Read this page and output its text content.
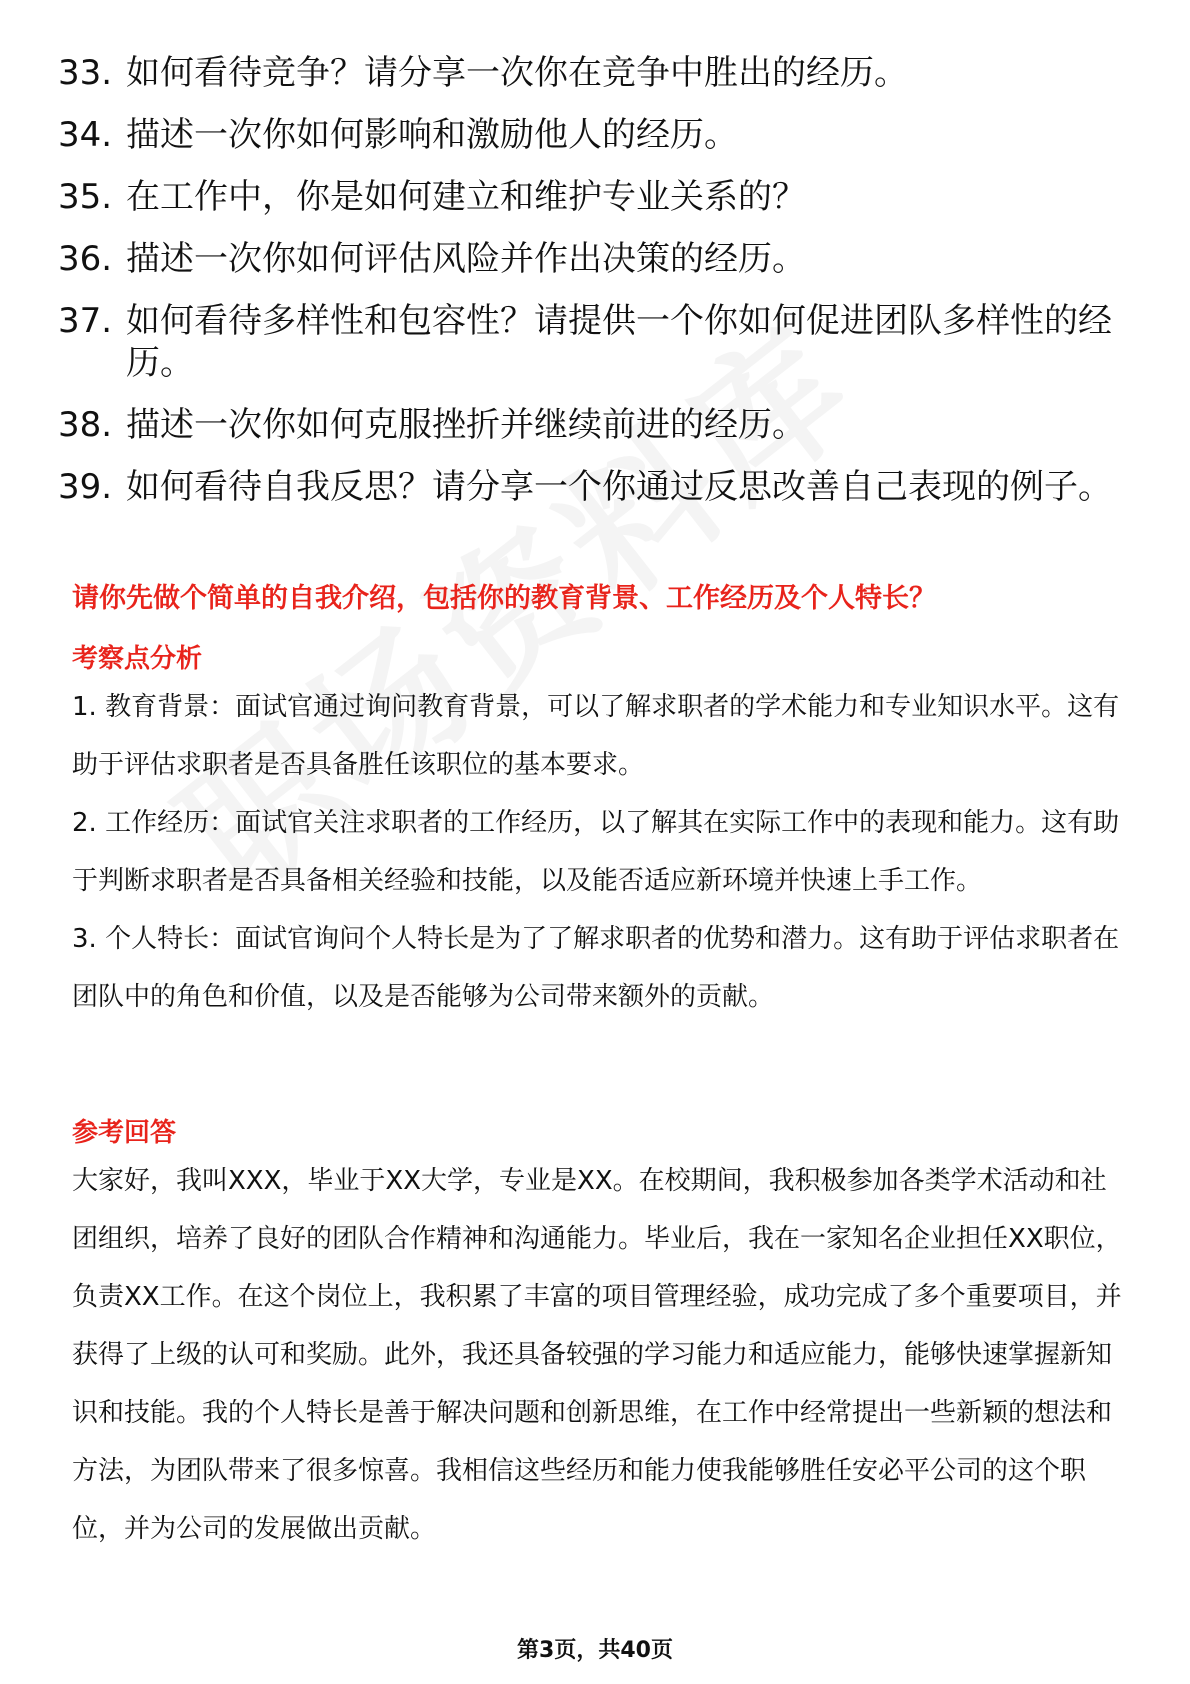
33. 如何看待竞争？请分享一次你在竞争中胜出的经历。
34. 描述一次你如何影响和激励他人的经历。
35. 在工作中，你是如何建立和维护专业关系的？
36. 描述一次你如何评估风险并作出决策的经历。
37. 如何看待多样性和包容性？请提供一个你如何促进团队多样性的经历。
38. 描述一次你如何克服挫折并继续前进的经历。
39. 如何看待自我反思？请分享一个你通过反思改善自己表现的例子。
请你先做个简单的自我介绍，包括你的教育背景、工作经历及个人特长？
考察点分析
1. 教育背景：面试官通过询问教育背景，可以了解求职者的学术能力和专业知识水平。这有助于评估求职者是否具备胜任该职位的基本要求。
2. 工作经历：面试官关注求职者的工作经历，以了解其在实际工作中的表现和能力。这有助于判断求职者是否具备相关经验和技能，以及能否适应新环境并快速上手工作。
3. 个人特长：面试官询问个人特长是为了了解求职者的优势和潜力。这有助于评估求职者在团队中的角色和价值，以及是否能够为公司带来额外的贡献。
参考回答
大家好，我叫XXX，毕业于XX大学，专业是XX。在校期间，我积极参加各类学术活动和社团组织，培养了良好的团队合作精神和沟通能力。毕业后，我在一家知名企业担任XX职位，负责XX工作。在这个岗位上，我积累了丰富的项目管理经验，成功完成了多个重要项目，并获得了上级的认可和奖励。此外，我还具备较强的学习能力和适应能力，能够快速掌握新知识和技能。我的个人特长是善于解决问题和创新思维，在工作中经常提出一些新颖的想法和方法，为团队带来了很多惊喜。我相信这些经历和能力使我能够胜任安必平公司的这个职位，并为公司的发展做出贡献。
第3页，共40页
